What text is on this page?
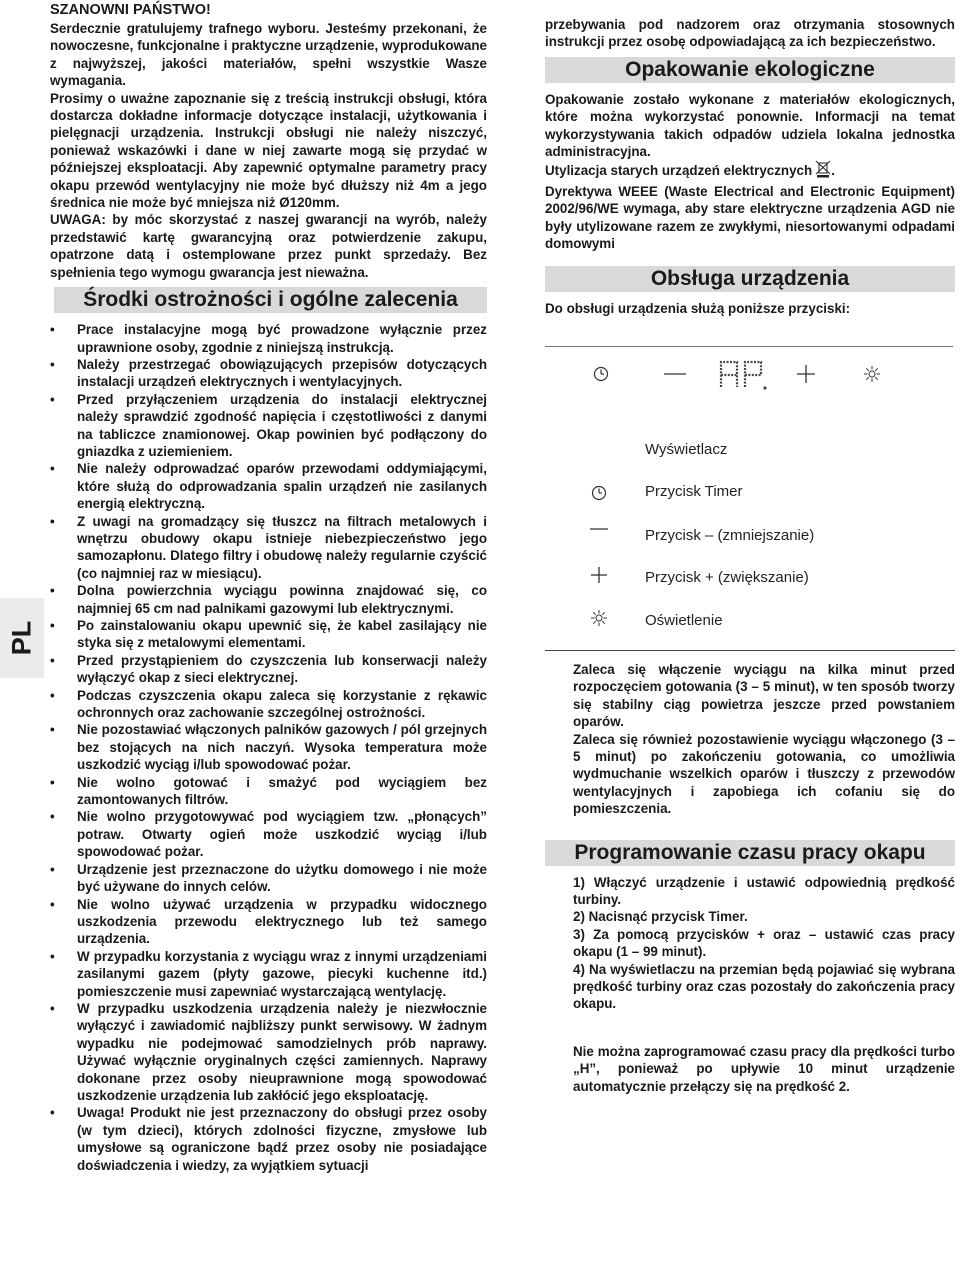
PL

SZANOWNI PAŃSTWO!

Serdecznie gratulujemy trafnego wyboru. Jesteśmy przekonani, że nowoczesne, funkcjonalne i praktyczne urządzenie, wyprodukowane z najwyższej, jakości materiałów, spełni wszystkie Wasze wymagania.

Prosimy o uważne zapoznanie się z treścią instrukcji obsługi, która dostarcza dokładne informacje dotyczące instalacji, użytkowania i pielęgnacji urządzenia. Instrukcji obsługi nie należy niszczyć, ponieważ wskazówki i dane w niej zawarte mogą się przydać w późniejszej eksploatacji. Aby zapewnić optymalne parametry pracy okapu przewód wentylacyjny nie może być dłuższy niż 4m a jego średnica nie może być mniejsza niż Ø120mm.

UWAGA: by móc skorzystać z naszej gwarancji na wyrób, należy przedstawić kartę gwarancyjną oraz potwierdzenie zakupu, opatrzone datą i ostemplowane przez punkt sprzedaży. Bez spełnienia tego wymogu gwarancja jest nieważna.

Środki ostrożności i ogólne zalecenia
• Prace instalacyjne mogą być prowadzone wyłącznie przez uprawnione osoby, zgodnie z niniejszą instrukcją.
• Należy przestrzegać obowiązujących przepisów dotyczących instalacji urządzeń elektrycznych i wentylacyjnych.
• Przed przyłączeniem urządzenia do instalacji elektrycznej należy sprawdzić zgodność napięcia i częstotliwości z danymi na tabliczce znamionowej. Okap powinien być podłączony do gniazdka z uziemieniem.
• Nie należy odprowadzać oparów przewodami oddymiającymi, które służą do odprowadzania spalin urządzeń nie zasilanych energią elektryczną.
• Z uwagi na gromadzący się tłuszcz na filtrach metalowych i wnętrzu obudowy okapu istnieje niebezpieczeństwo jego samozapłonu. Dlatego filtry i obudowę należy regularnie czyścić (co najmniej raz w miesiącu).
• Dolna powierzchnia wyciągu powinna znajdować się, co najmniej 65 cm nad palnikami gazowymi lub elektrycznymi.
• Po zainstalowaniu okapu upewnić się, że kabel zasilający nie styka się z metalowymi elementami.
• Przed przystąpieniem do czyszczenia lub konserwacji należy wyłączyć okap z sieci elektrycznej.
• Podczas czyszczenia okapu zaleca się korzystanie z rękawic ochronnych oraz zachowanie szczególnej ostrożności.
• Nie pozostawiać włączonych palników gazowych / pól grzejnych bez stojących na nich naczyń. Wysoka temperatura może uszkodzić wyciąg i/lub spowodować pożar.
• Nie wolno gotować i smażyć pod wyciągiem bez zamontowanych filtrów.
• Nie wolno przygotowywać pod wyciągiem tzw. „płonących” potraw. Otwarty ogień może uszkodzić wyciąg i/lub spowodować pożar.
• Urządzenie jest przeznaczone do użytku domowego i nie może być używane do innych celów.
• Nie wolno używać urządzenia w przypadku widocznego uszkodzenia przewodu elektrycznego lub też samego urządzenia.
• W przypadku korzystania z wyciągu wraz z innymi urządzeniami zasilanymi gazem (płyty gazowe, piecyki kuchenne itd.) pomieszczenie musi zapewniać wystarczającą wentylację.
• W przypadku uszkodzenia urządzenia należy je niezwłocznie wyłączyć i zawiadomić najbliższy punkt serwisowy. W żadnym wypadku nie podejmować samodzielnych prób naprawy. Używać wyłącznie oryginalnych części zamiennych. Naprawy dokonane przez osoby nieuprawnione mogą spowodować uszkodzenie urządzenia lub zakłócić jego eksploatację.
• Uwaga! Produkt nie jest przeznaczony do obsługi przez osoby (w tym dzieci), których zdolności fizyczne, zmysłowe lub umysłowe są ograniczone bądź przez osoby nie posiadające doświadczenia i wiedzy, za wyjątkiem sytuacji

przebywania pod nadzorem oraz otrzymania stosownych instrukcji przez osobę odpowiadającą za ich bezpieczeństwo.

Opakowanie ekologiczne

Opakowanie zostało wykonane z materiałów ekologicznych, które można wykorzystać ponownie. Informacji na temat wykorzystywania takich odpadów udziela lokalna jednostka administracyjna.

Utylizacja starych urządzeń elektrycznych .

Dyrektywa WEEE (Waste Electrical and Electronic Equipment) 2002/96/WE wymaga, aby stare elektryczne urządzenia AGD nie były utylizowane razem ze zwykłymi, niesortowanymi odpadami domowymi

Obsługa urządzenia

Do obsługi urządzenia służą poniższe przyciski:

Wyświetlacz
Przycisk Timer
Przycisk – (zmniejszanie)
Przycisk + (zwiększanie)
Oświetlenie

Zaleca się włączenie wyciągu na kilka minut przed rozpoczęciem gotowania (3 – 5 minut), w ten sposób tworzy się stabilny ciąg powietrza jeszcze przed powstaniem oparów.

Zaleca się również pozostawienie wyciągu włączonego (3 – 5 minut) po zakończeniu gotowania, co umożliwia wydmuchanie wszelkich oparów i tłuszczy z przewodów wentylacyjnych i zapobiega ich cofaniu się do pomieszczenia.

Programowanie czasu pracy okapu

1) Włączyć urządzenie i ustawić odpowiednią prędkość turbiny.

2) Nacisnąć przycisk Timer.

3) Za pomocą przycisków + oraz – ustawić czas pracy okapu (1 – 99 minut).

4) Na wyświetlaczu na przemian będą pojawiać się wybrana prędkość turbiny oraz czas pozostały do zakończenia pracy okapu.

Nie można zaprogramować czasu pracy dla prędkości turbo „H”, ponieważ po upływie 10 minut urządzenie automatycznie przełączy się na prędkość 2.
